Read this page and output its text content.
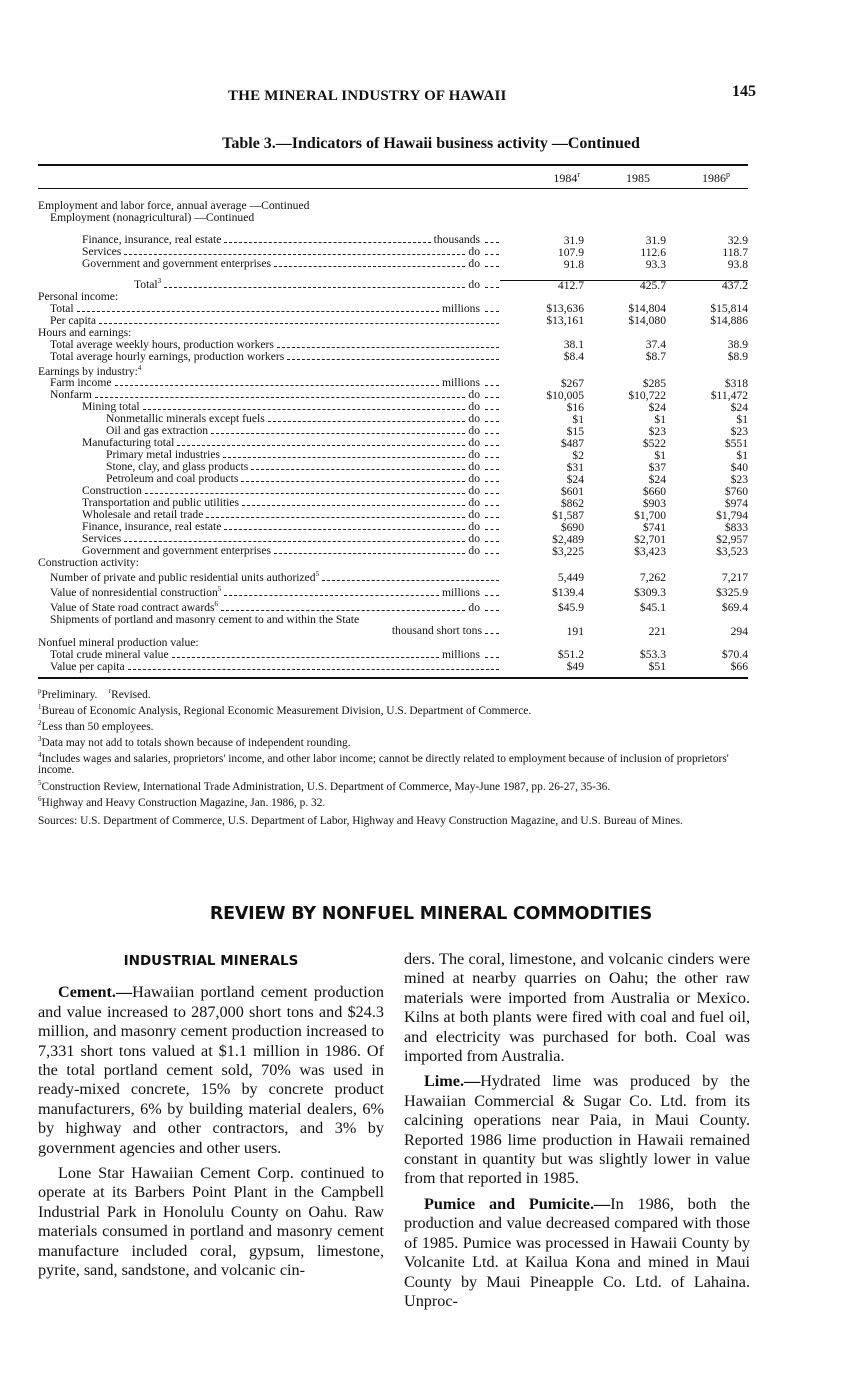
THE MINERAL INDUSTRY OF HAWAII	145
Table 3.—Indicators of Hawaii business activity —Continued
1984$^r$	1985	1986$^p$
Employment and labor force, annual average —Continued			

Employment (nonagricultural) —Continued			

Finance, insurance, real estate thousands	31.9	31.9	32.9

Services do	107.9	112.6	118.7

Government and government enterprises do	91.8	93.3	93.8

Total$^3$ do	412.7	425.7	437.2

Personal income:			

Total millions	$13,636	$14,804	$15,814

Per capita	$13,161	$14,080	$14,886

Hours and earnings:			

Total average weekly hours, production workers	38.1	37.4	38.9

Total average hourly earnings, production workers	$8.4	$8.7	$8.9

Earnings by industry:$^4$

Farm income millions	$267	$285	$318

Nonfarm do	$10,005	$10,722	$11,472

Mining total do	$16	$24	$24

Nonmetallic minerals except fuels do	$1	$1	$1

Oil and gas extraction do	$15	$23	$23

Manufacturing total do	$487	$522	$551

Primary metal industries do	$2	$1	$1

Stone, clay, and glass products do	$31	$37	$40

Petroleum and coal products do	$24	$24	$23

Construction do	$601	$660	$760

Transportation and public utilities do	$862	$903	$974

Wholesale and retail trade do	$1,587	$1,700	$1,794

Finance, insurance, real estate do	$690	$741	$833

Services do	$2,489	$2,701	$2,957

Government and government enterprises do	$3,225	$3,423	$3,523

Construction activity:			

Number of private and public residential units authorized$^5$	5,449	7,262	7,217

Value of nonresidential construction$^5$ millions	$139.4	$309.3	$325.9

Value of State road contract awards$^6$ do	$45.9	$45.1	$69.4

Shipments of portland and masonry cement to and within the State			

thousand short tons	191	221	294

Nonfuel mineral production value:			

Total crude mineral value millions	$51.2	$53.3	$70.4

Value per capita	$49	$51	$66
$^p$Preliminary. $^r$Revised.
$^1$Bureau of Economic Analysis, Regional Economic Measurement Division, U.S. Department of Commerce.
$^2$Less than 50 employees.
$^3$Data may not add to totals shown because of independent rounding.
$^4$Includes wages and salaries, proprietors' income, and other labor income; cannot be directly related to employment because of inclusion of proprietors' income.
$^5$Construction Review, International Trade Administration, U.S. Department of Commerce, May-June 1987, pp. 26-27, 35-36.
$^6$Highway and Heavy Construction Magazine, Jan. 1986, p. 32.
Sources: U.S. Department of Commerce, U.S. Department of Labor, Highway and Heavy Construction Magazine, and U.S. Bureau of Mines.
REVIEW BY NONFUEL MINERAL COMMODITIES
INDUSTRIAL MINERALS

Cement.—Hawaiian portland cement production and value increased to 287,000 short tons and $24.3 million, and masonry cement production increased to 7,331 short tons valued at $1.1 million in 1986. Of the total portland cement sold, 70% was used in ready-mixed concrete, 15% by concrete product manufacturers, 6% by building material dealers, 6% by highway and other contractors, and 3% by government agencies and other users.

Lone Star Hawaiian Cement Corp. continued to operate at its Barbers Point Plant in the Campbell Industrial Park in Honolulu County on Oahu. Raw materials consumed in portland and masonry cement manufacture included coral, gypsum, limestone, pyrite, sand, sandstone, and volcanic cin-

ders. The coral, limestone, and volcanic cinders were mined at nearby quarries on Oahu; the other raw materials were imported from Australia or Mexico. Kilns at both plants were fired with coal and fuel oil, and electricity was purchased for both. Coal was imported from Australia.

Lime.—Hydrated lime was produced by the Hawaiian Commercial & Sugar Co. Ltd. from its calcining operations near Paia, in Maui County. Reported 1986 lime production in Hawaii remained constant in quantity but was slightly lower in value from that reported in 1985.

Pumice and Pumicite.—In 1986, both the production and value decreased compared with those of 1985. Pumice was processed in Hawaii County by Volcanite Ltd. at Kailua Kona and mined in Maui County by Maui Pineapple Co. Ltd. of Lahaina. Unproc-
